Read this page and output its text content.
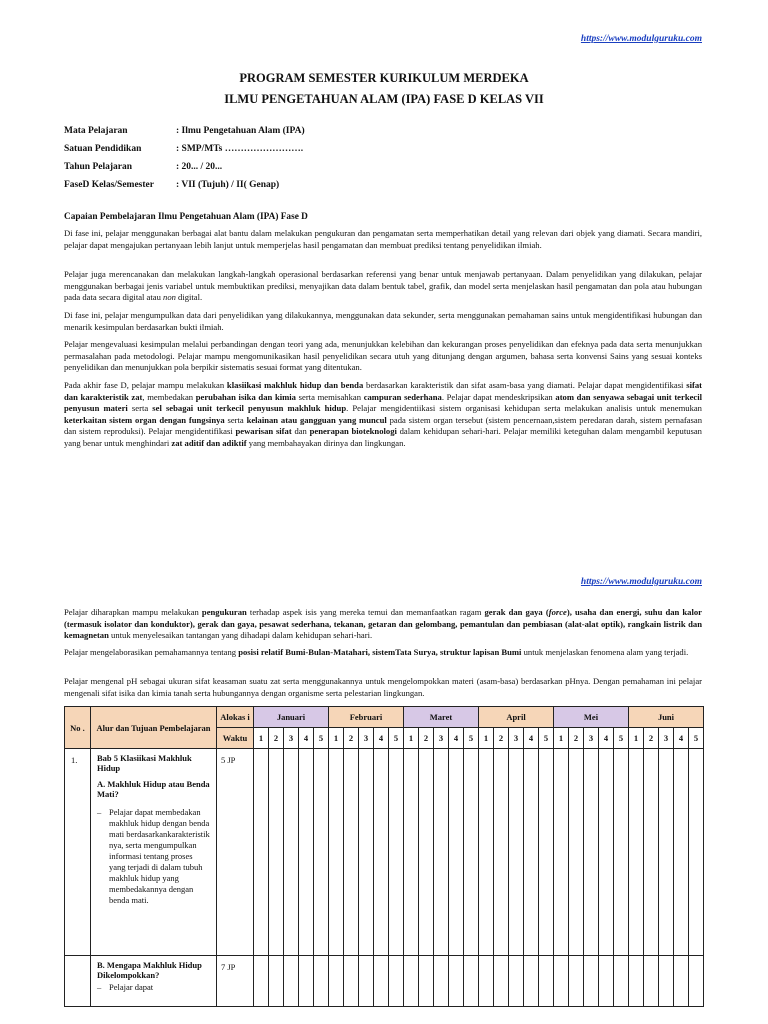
https://www.modulguruku.com
PROGRAM SEMESTER KURIKULUM MERDEKA
ILMU PENGETAHUAN ALAM (IPA) FASE D KELAS VII
Mata Pelajaran	: Ilmu Pengetahuan Alam (IPA)
Satuan Pendidikan	: SMP/MTs …………………….
Tahun Pelajaran	: 20... / 20...
FaseD Kelas/Semester	: VII (Tujuh) / II( Genap)
Capaian Pembelajaran Ilmu Pengetahuan Alam (IPA) Fase D

Di fase ini, pelajar menggunakan berbagai alat bantu dalam melakukan pengukuran dan pengamatan serta memperhatikan detail yang relevan dari objek yang diamati. Secara mandiri, pelajar dapat mengajukan pertanyaan lebih lanjut untuk memperjelas hasil pengamatan dan membuat prediksi tentang penyelidikan ilmiah.

Pelajar juga merencanakan dan melakukan langkah-langkah operasional berdasarkan referensi yang benar untuk menjawab pertanyaan. Dalam penyelidikan yang dilakukan, pelajar menggunakan berbagai jenis variabel untuk membuktikan prediksi, menyajikan data dalam bentuk tabel, grafik, dan model serta menjelaskan hasil pengamatan dan pola atau hubungan pada data secara digital atau non digital.

Di fase ini, pelajar mengumpulkan data dari penyelidikan yang dilakukannya, menggunakan data sekunder, serta menggunakan pemahaman sains untuk mengidentifikasi hubungan dan menarik kesimpulan berdasarkan bukti ilmiah.

Pelajar mengevaluasi kesimpulan melalui perbandingan dengan teori yang ada, menunjukkan kelebihan dan kekurangan proses penyelidikan dan efeknya pada data serta menunjukkan permasalahan pada metodologi. Pelajar mampu mengomunikasikan hasil penyelidikan secara utuh yang ditunjang dengan argumen, bahasa serta konvensi Sains yang sesuai konteks penyelidikan dan menunjukkan pola berpikir sistematis sesuai format yang ditentukan.

Pada akhir fase D, pelajar mampu melakukan klasiikasi makhluk hidup dan benda berdasarkan karakteristik dan sifat asam-basa yang diamati. Pelajar dapat mengidentifikasi sifat dan karakteristik zat, membedakan perubahan isika dan kimia serta memisahkan campuran sederhana. Pelajar dapat mendeskripsikan atom dan senyawa sebagai unit terkecil penyusun materi serta sel sebagai unit terkecil penyusun makhluk hidup. Pelajar mengidentiikasi sistem organisasi kehidupan serta melakukan analisis untuk menemukan keterkaitan sistem organ dengan fungsinya serta kelainan atau gangguan yang muncul pada sistem organ tersebut (sistem pencernaan,sistem peredaran darah, sistem pernafasan dan sistem reproduksi). Pelajar mengidentifikasi pewarisan sifat dan penerapan bioteknologi dalam kehidupan sehari-hari. Pelajar memiliki keteguhan dalam mengambil keputusan yang benar untuk menghindari zat aditif dan adiktif yang membahayakan dirinya dan lingkungan.

https://www.modulguruku.com

Pelajar diharapkan mampu melakukan pengukuran terhadap aspek isis yang mereka temui dan memanfaatkan ragam gerak dan gaya (force), usaha dan energi, suhu dan kalor (termasuk isolator dan konduktor), gerak dan gaya, pesawat sederhana, tekanan, getaran dan gelombang, pemantulan dan pembiasan (alat-alat optik), rangkain listrik dan kemagnetan untuk menyelesaikan tantangan yang dihadapi dalam kehidupan sehari-hari.

Pelajar mengelaborasikan pemahamannya tentang posisi relatif Bumi-Bulan-Matahari, sistemTata Surya, struktur lapisan Bumi untuk menjelaskan fenomena alam yang terjadi.

Pelajar mengenal pH sebagai ukuran sifat keasaman suatu zat serta menggunakannya untuk mengelompokkan materi (asam-basa) berdasarkan pHnya. Dengan pemahaman ini pelajar mengenali sifat isika dan kimia tanah serta hubungannya dengan organisme serta pelestarian lingkungan.

No .	Alur dan Tujuan Pembelajaran	Alokas i	Januari					Februari					Maret					April					Mei					Juni				
		Waktu	1	2	3	4	5	1	2	3	4	5	1	2	3	4	5	1	2	3	4	5	1	2	3	4	5	1	2	3	4	5
1.	Bab 5 Klasiikasi Makhluk Hidup
A. Makhluk Hidup atau Benda Mati?
– Pelajar dapat membedakan makhluk hidup dengan benda mati berdasarkankarakteristik nya, serta mengumpulkan informasi tentang proses yang terjadi di dalam tubuh makhluk hidup yang membedakannya dengan benda mati.	5 JP																														

	B. Mengapa Makhluk Hidup Dikelompokkan?
– Pelajar dapat	7 JP																														
